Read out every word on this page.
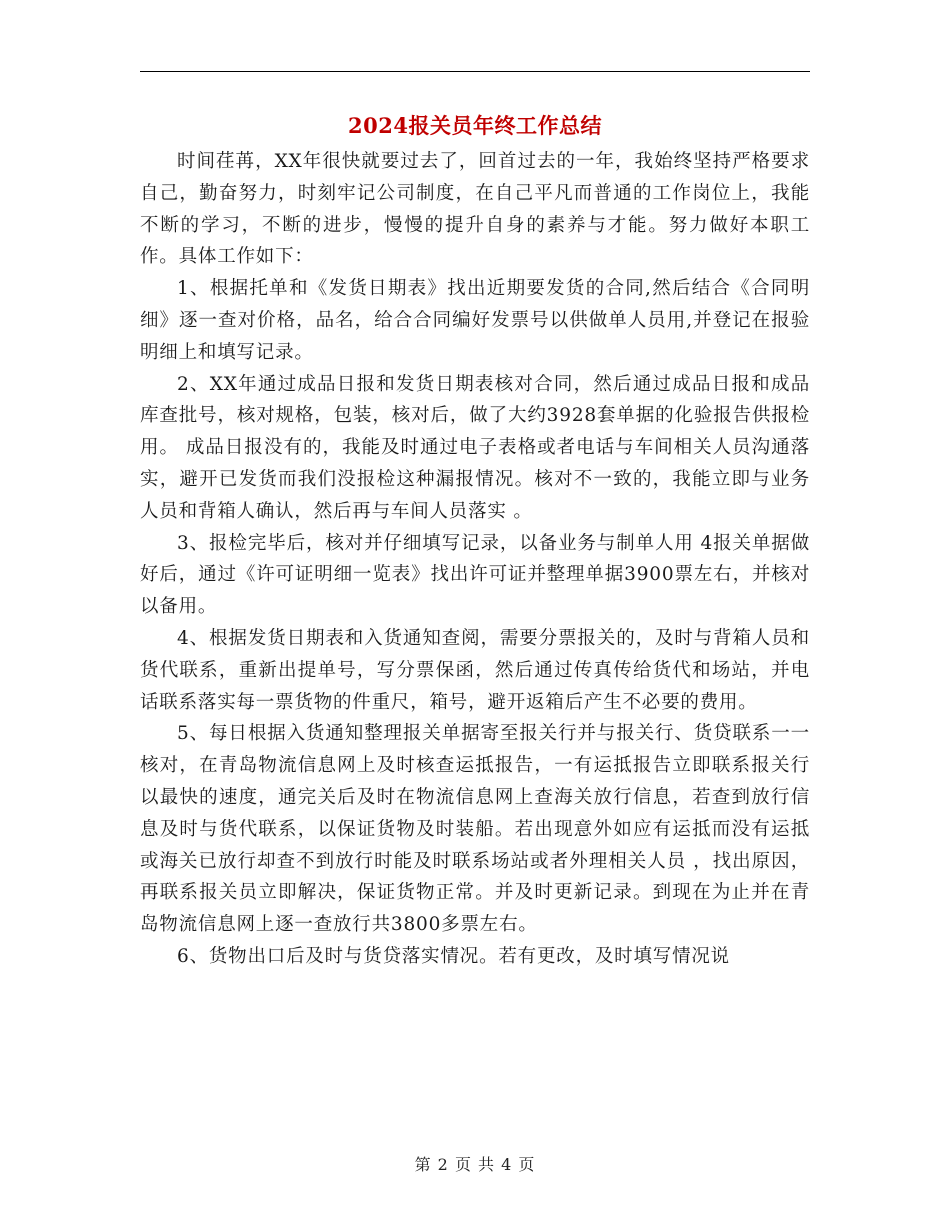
2024报关员年终工作总结

时间荏苒，XX年很快就要过去了，回首过去的一年，我始终坚持严格要求自己，勤奋努力，时刻牢记公司制度，在自己平凡而普通的工作岗位上，我能不断的学习，不断的进步，慢慢的提升自身的素养与才能。努力做好本职工作。具体工作如下：

1、根据托单和《发货日期表》找出近期要发货的合同,然后结合《合同明细》逐一查对价格，品名，给合合同编好发票号以供做单人员用,并登记在报验明细上和填写记录。

2、XX年通过成品日报和发货日期表核对合同，然后通过成品日报和成品库查批号，核对规格，包装，核对后，做了大约3928套单据的化验报告供报检用。 成品日报没有的，我能及时通过电子表格或者电话与车间相关人员沟通落实，避开已发货而我们没报检这种漏报情况。核对不一致的，我能立即与业务人员和背箱人确认，然后再与车间人员落实 。

3、报检完毕后，核对并仔细填写记录，以备业务与制单人用 4报关单据做好后，通过《许可证明细一览表》找出许可证并整理单据3900票左右，并核对以备用。

4、根据发货日期表和入货通知查阅，需要分票报关的，及时与背箱人员和货代联系，重新出提单号，写分票保函，然后通过传真传给货代和场站，并电话联系落实每一票货物的件重尺，箱号，避开返箱后产生不必要的费用。

5、每日根据入货通知整理报关单据寄至报关行并与报关行、货贷联系一一核对，在青岛物流信息网上及时核查运抵报告，一有运抵报告立即联系报关行以最快的速度，通完关后及时在物流信息网上查海关放行信息，若查到放行信息及时与货代联系，以保证货物及时装船。若出现意外如应有运抵而没有运抵或海关已放行却查不到放行时能及时联系场站或者外理相关人员 ，找出原因，再联系报关员立即解决，保证货物正常。并及时更新记录。到现在为止并在青岛物流信息网上逐一查放行共3800多票左右。

6、货物出口后及时与货贷落实情况。若有更改，及时填写情况说

第 2 页 共 4 页
